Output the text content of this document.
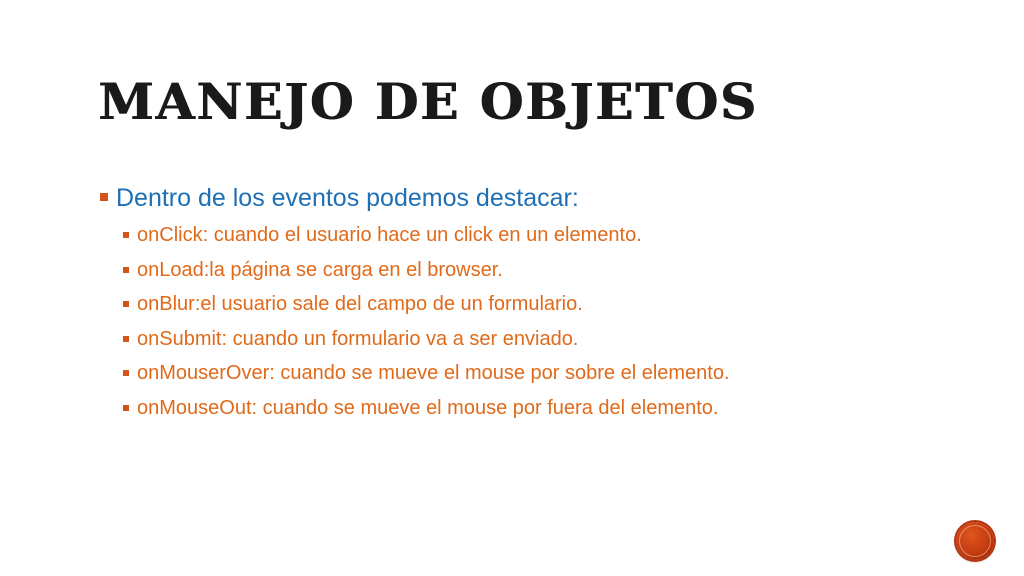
MANEJO DE OBJETOS
Dentro de los eventos podemos destacar:
onClick: cuando el usuario hace un click en un elemento.
onLoad:la página se carga en el browser.
onBlur:el usuario sale del campo de un formulario.
onSubmit: cuando un formulario va a ser enviado.
onMouserOver: cuando se mueve el mouse por sobre el elemento.
onMouseOut: cuando se mueve el mouse por fuera del elemento.
